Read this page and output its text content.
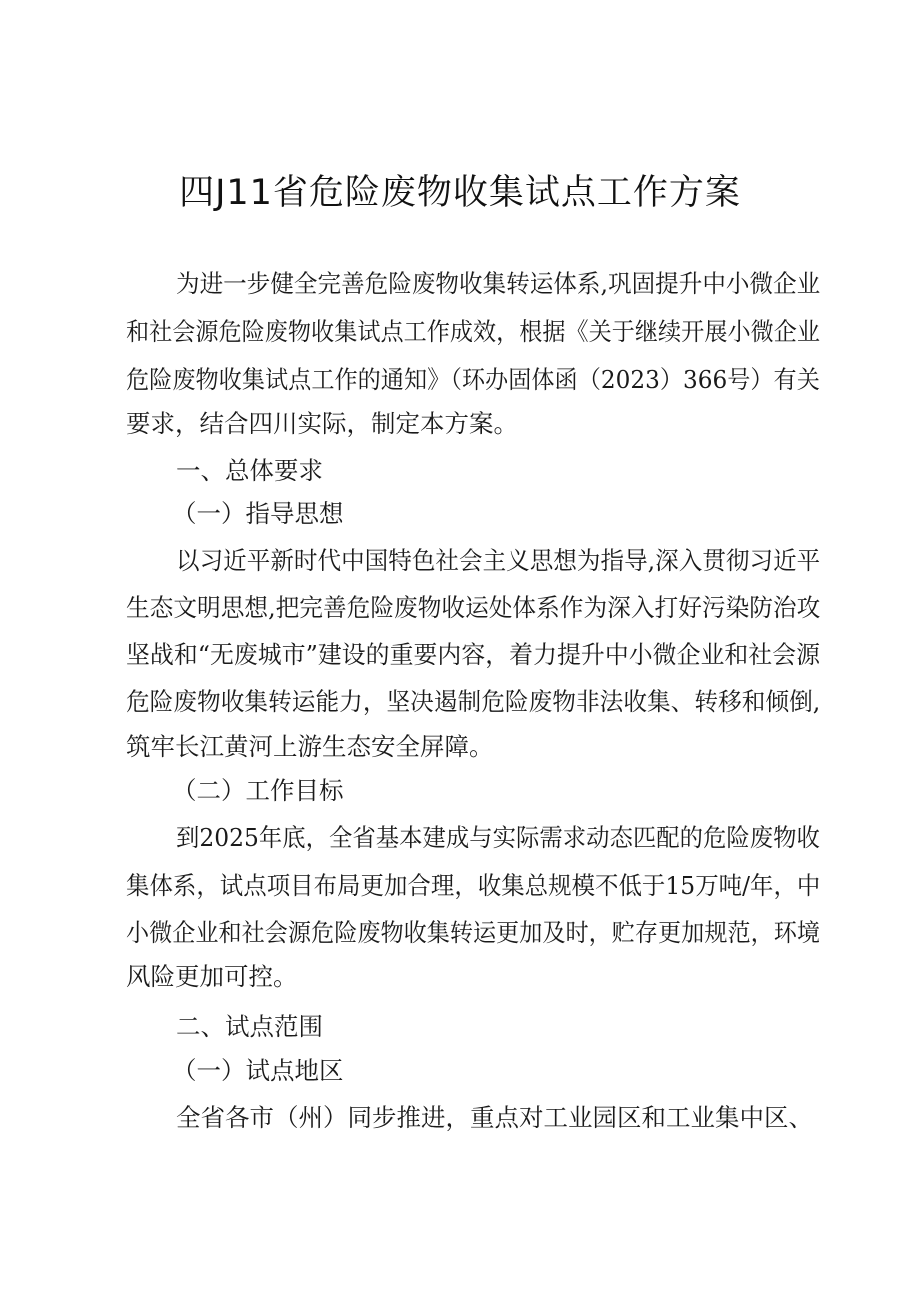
四J11省危险废物收集试点工作方案
为进一步健全完善危险废物收集转运体系,巩固提升中小微企业
和社会源危险废物收集试点工作成效，根据《关于继续开展小微企业
危险废物收集试点工作的通知》（环办固体函（2023）366号）有关
要求，结合四川实际，制定本方案。
一、总体要求
（一）指导思想
以习近平新时代中国特色社会主义思想为指导,深入贯彻习近平
生态文明思想,把完善危险废物收运处体系作为深入打好污染防治攻
坚战和“无废城市”建设的重要内容，着力提升中小微企业和社会源
危险废物收集转运能力，坚决遏制危险废物非法收集、转移和倾倒,
筑牢长江黄河上游生态安全屏障。
（二）工作目标
到2025年底，全省基本建成与实际需求动态匹配的危险废物收
集体系，试点项目布局更加合理，收集总规模不低于15万吨/年，中
小微企业和社会源危险废物收集转运更加及时，贮存更加规范，环境
风险更加可控。
二、试点范围
（一）试点地区
全省各市（州）同步推进，重点对工业园区和工业集中区、
